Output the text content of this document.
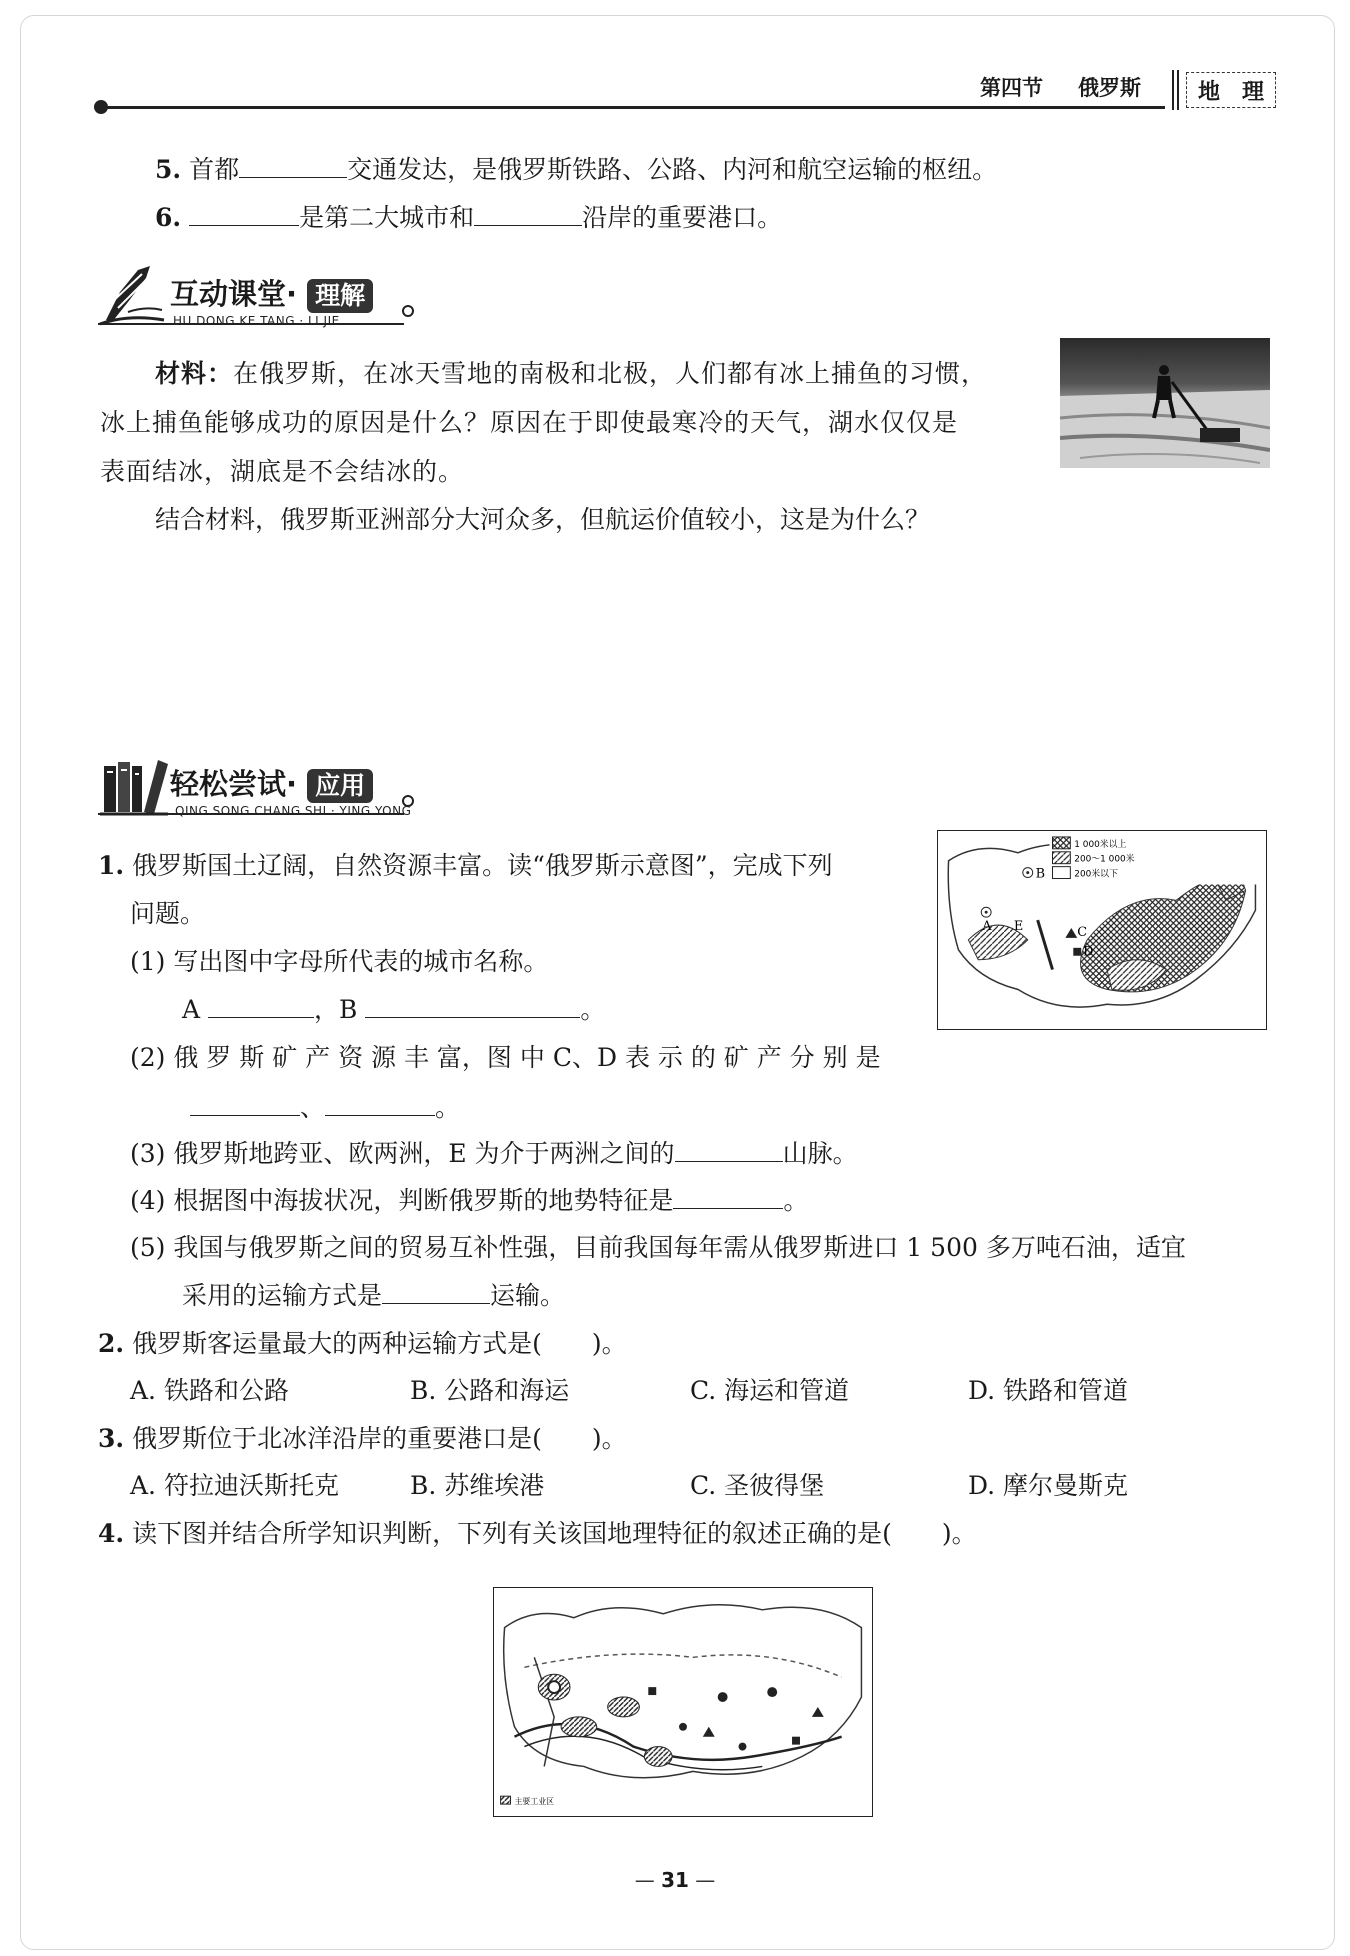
第四节 俄罗斯	地 理
5. 首都	交通发达，是俄罗斯铁路、公路、内河和航空运输的枢纽。
6.	是第二大城市和	沿岸的重要港口。
互动课堂· 理解
HU DONG KE TANG · LI JIE
材料：在俄罗斯，在冰天雪地的南极和北极，人们都有冰上捕鱼的习惯，
冰上捕鱼能够成功的原因是什么？原因在于即使最寒冷的天气，湖水仅仅是
表面结冰，湖底是不会结冰的。
结合材料，俄罗斯亚洲部分大河众多，但航运价值较小，这是为什么？
轻松尝试· 应用
QING SONG CHANG SHI · YING YONG
1. 俄罗斯国土辽阔，自然资源丰富。读“俄罗斯示意图”，完成下列
问题。
(1) 写出图中字母所代表的城市名称。
A	，B	。
(2) 俄 罗 斯 矿 产 资 源 丰 富，图 中 C、D 表 示 的 矿 产 分 别 是
、	。
(3) 俄罗斯地跨亚、欧两洲，E 为介于两洲之间的	山脉。
(4) 根据图中海拔状况，判断俄罗斯的地势特征是	。
(5) 我国与俄罗斯之间的贸易互补性强，目前我国每年需从俄罗斯进口 1 500 多万吨石油，适宜
采用的运输方式是	运输。
1 000米以上
200～1 000米
200米以下
A
B
C
D
E
2. 俄罗斯客运量最大的两种运输方式是(　　)。
A. 铁路和公路	B. 公路和海运	C. 海运和管道	D. 铁路和管道
3. 俄罗斯位于北冰洋沿岸的重要港口是(　　)。
A. 符拉迪沃斯托克	B. 苏维埃港	C. 圣彼得堡	D. 摩尔曼斯克
4. 读下图并结合所学知识判断，下列有关该国地理特征的叙述正确的是(　　)。
主要工业区
— 31 —
